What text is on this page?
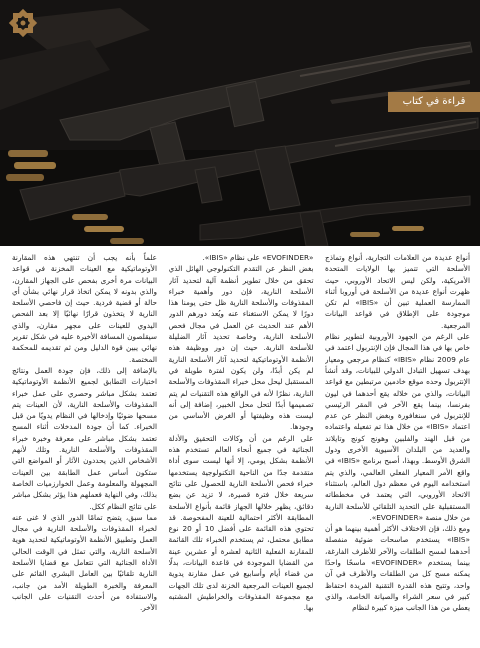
قراءة في كتاب

أنواع عديدة من العلامات التجارية، أنواع وتماذج الأسلحة التي تتميز بها الولايات المتحدة الأمريكية، ولكن ليس الاتحاد الأوروبي، حيث ظهرت أنواع عديدة من الأسلحة في أوروبا أثناء الممارسة العملية تبين أن «IBIS» لم تكن موجودة على الإطلاق في قواعد البيانات المرجعية.

على الرغم من الجهود الأوروبية لتطوير نظام خاص بها في هذا المجال فإن الإنتربول اعتمد في عام 2009 نظام «IBIS» كنظام مرجعي ومعيار بهدف تسهيل التبادل الدولي للبيانات، وقد أنشأ الإنتربول وحده موقع خادمين مرتبطين مع قواعد البيانات، والذي من خلاله يقع أحدهما في ليون بفرنسا، بينما يقع الآخر في المقر الرئيسي للإنتربول في سنغافورة وبغض النظر عن عدم اعتماد «IBIS» من خلال هذا تم تفعيله واعتماده من قبل الهند والفلبين وهونج كونج وتايلاند والعديد من البلدان الآسيوية الأخرى ودول الشرق الأوسط. وبهذا، أصبح برنامج «IBIS» في واقع الأمر المعيار الفعلي العالمي، والذي يتم استخدامه اليوم في معظم دول العالم، باستثناء الاتحاد الأوروبي، التي يعتمد في مخططاته المستقبلية على التحديد التلقائي للأسلحة النارية من خلال منصة «EVOFINDER».

ومع ذلك، فإن الاختلاف الأكثر أهمية بينهما هو أن «IBIS» يستخدم صاسحات ضوئية منفصلة أحدهما لمسح الطلقات والآخر للأظرف الفارغة، بينما يستخدم «EVOFINDER» ماسحًا واحدًا يمكنه مسح كل من الطلقات والأظرف في آن واحد، وتتيح هذه القدرة التقنية الفريدة احتفاظ كبير في سعر الشراء والصيانة الخاصة، والذي يعطي من هذا الجانب ميزة كبيرة لنظام

«EVOFINDER» على نظام «IBIS».

بغض النظر عن التقدم التكنولوجي الهائل الذي تحقق من خلال تطوير أنظمة آلية لتحديد آثار الأسلحة النارية، فإن دور وأهمية خبراء المقذوفات والأسلحة النارية ظل حتى يومنا هذا دورًا لا يمكن الاستغناء عنه ويُعد دورهم الدور الأهم عند الحديث عن العمل في مجال فحص الأسلحة النارية، وخاصة تحديد آثار الضليلة للأسلحة النارية. حيث إن دور ووظيفة هذه الأنظمة الأوتوماتيكية لتحديد آثار الأسلحة النارية لم يكن أبدًا، ولن يكون لفترة طويلة في المستقبل ليحل محل خبراء المقذوفات والأسلحة النارية، نظرًا لأنه في الواقع هذه التقنيات لم يتم تصميمها أبدًا لتحل محل الخبير، إضافة إلى أنه ليست هذه وظيفتها أو الغرض الأساسي من وجودها.

على الرغم من أن وكالات التحقيق والأدلة الجنائية في جميع أنحاء العالم تستخدم هذه الأنظمة بشكل يومي، إلا أنها ليست سوى أداة متقدمة جدًا من الناحية التكنولوجية يستخدمها خبراء فحص الأسلحة النارية للحصول على نتائج سريعة خلال فترة قصيرة، لا تزيد عن بضع دقائق، يظهر خلالها الجهاز قائمة بأنواع الأسلحة المطابقة الأكثر احتمالية للعينة المفحوصة. قد تحتوي هذه القائمة على أفضل 10 أو 20 نوع مطابق محتمل، ثم يستخدم الخبراء تلك القائمة للمقارنة الفعلية الثانية لعشرة أو عشرين عينة من القضايا الموجودة في قاعدة البيانات، بدلًا من قضاء أيام وأسابيع في عمل مقارنة يدوية لجميع العينات المرجعية الخزنة لدى تلك الجهات مع مجموعة المقذوفات والخراطيش المشتبه بها.

علماً بأنه يجب أن تنتهي هذه المقارنة الأوتوماتيكية مع العينات المخزنة في قواعد البيانات مرة أخرى بفحص على الجهاز المقارن، والذي بدونه لا يمكن اتخاذ قرار نهائي بشأن أي حالة أو قضية فردية. حيث إن فاحصي الأسلحة النارية لا يتخذون قرارًا نهائيًا إلا بعد الفحص اليدوي للعينات على مجهر مقارن، والذي سيقلصون المسافة الأخيرة عليه في شكل تقرير نهائي يبين قوة الدليل ومن ثم تقديمه للمحكمة المختصة.

بالإضافة إلى ذلك، فإن جودة العمل ونتائج اختبارات التطابق لجميع الأنظمة الأوتوماتيكية تعتمد بشكل مباشر وحصري على عمل خبراء المقذوفات والأسلحة النارية، لأن العينات يتم مسحها ضوئيًا وإدخالها في النظام يدويًا من قبل الخبراء. كما أن جودة المدخلات أثناء المسح تعتمد بشكل مباشر على معرفة وخبرة خبراء المقذوفات والأسلحة النارية. وتلك لأنهم الأشخاص الذين يحددون الآثار أو المواضع التي ستكون أساس عمل الطابقة بين العينات المجهولة والمعلومة وعمل الخوارزميات الخاصة بذلك، وفي النهاية فعملهم هذا يؤثر بشكل مباشر على نتائج النظام ككل.

مما سبق، يتضح تمامًا الدور الذي لا غنى عنه لخبراء المقذوفات والأسلحة النارية في مجال العمل وتطبيق الأنظمة الأوتوماتيكية لتحديد هوية الأسلحة النارية، والتي تمثل في الوقت الحالي الأداة الجنائية التي تتعامل مع قضايا الأسلحة النارية تلقائيًا بين العامل البشري القائم على المعرفة والخبرة الطويلة الأمد من جانب، والاستفادة من أحدث التقنيات على الجانب الآخر.
